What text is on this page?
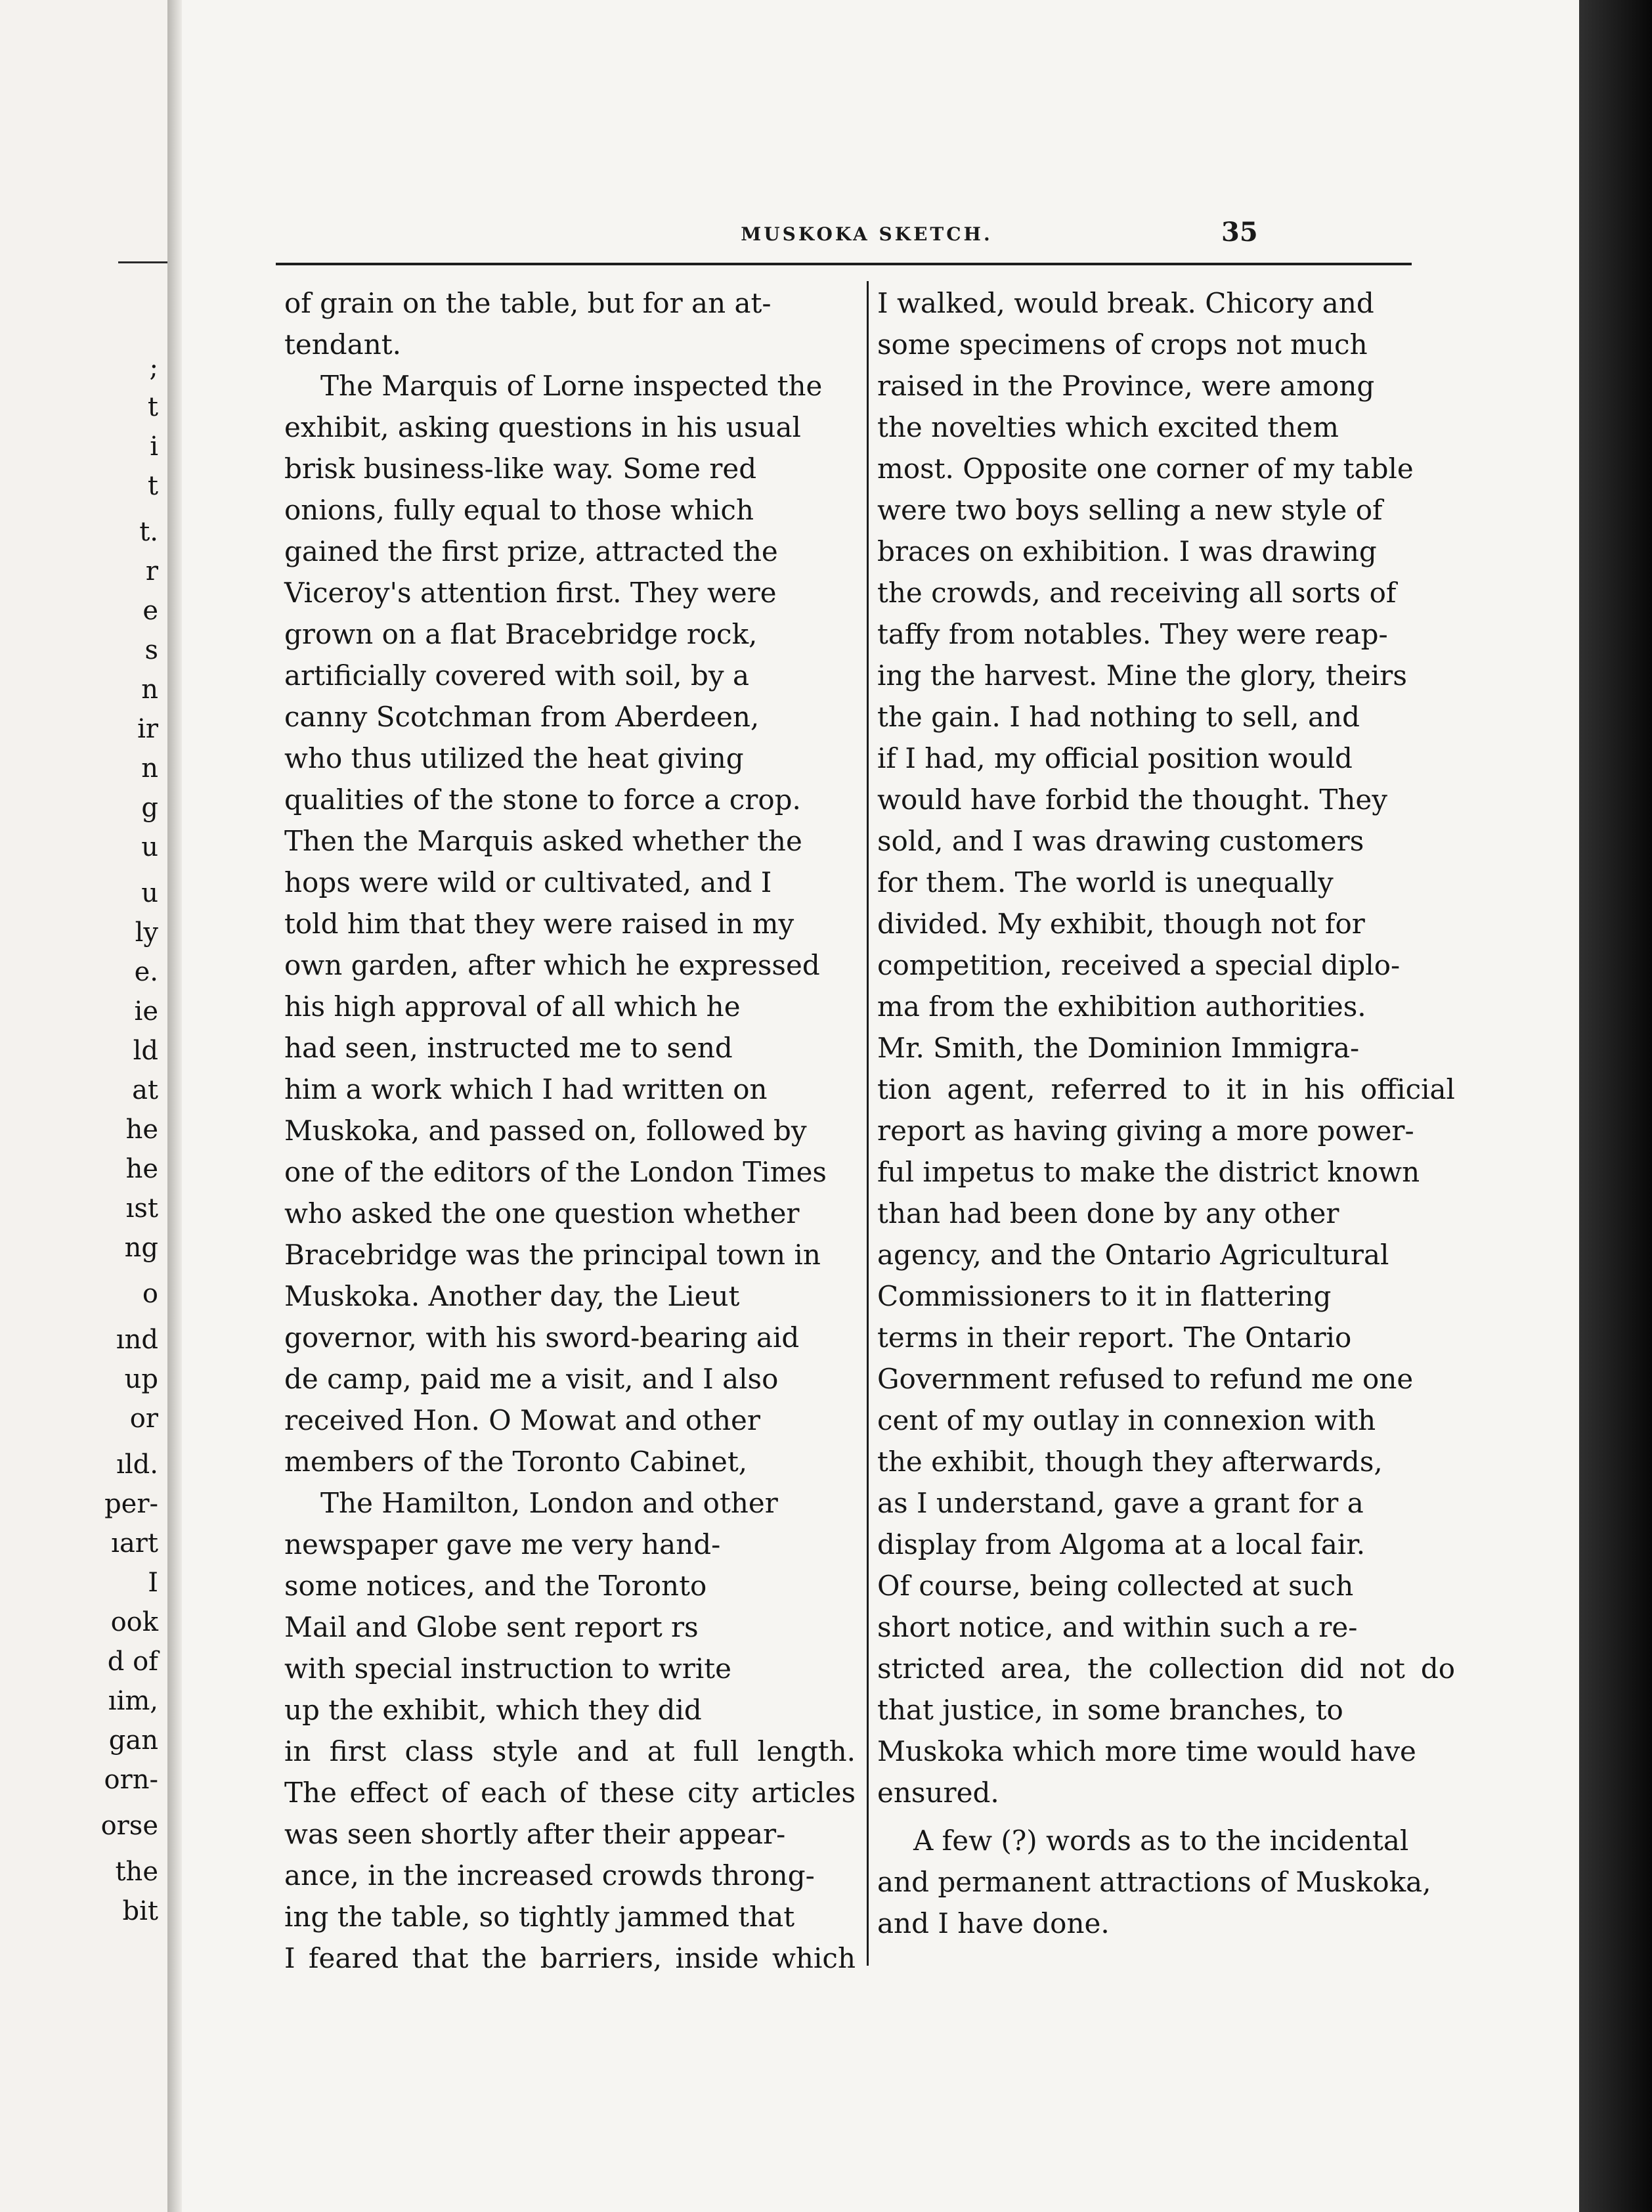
;

t

i

t

t.

r

e

s

n

ir

n

g

u

u

ly

e.

ie

ld

at

he

he

ıst

ng

o

ınd

up

or

ıld.

per-

ıart

I

ook

d of

ıim,

gan

orn-

orse

the

bit

MUSKOKA SKETCH.	35

of grain on the table, but for an at-
tendant.
The Marquis of Lorne inspected the
exhibit, asking questions in his usual
brisk business-like way. Some red
onions, fully equal to those which
gained the first prize, attracted the
Viceroy's attention first. They were
grown on a flat Bracebridge rock,
artificially covered with soil, by a
canny Scotchman from Aberdeen,
who thus utilized the heat giving
qualities of the stone to force a crop.
Then the Marquis asked whether the
hops were wild or cultivated, and I
told him that they were raised in my
own garden, after which he expressed
his high approval of all which he
had seen, instructed me to send
him a work which I had written on
Muskoka, and passed on, followed by
one of the editors of the London Times
who asked the one question whether
Bracebridge was the principal town in
Muskoka. Another day, the Lieut
governor, with his sword-bearing aid
de camp, paid me a visit, and I also
received Hon. O Mowat and other
members of the Toronto Cabinet,
The Hamilton, London and other
newspaper gave me very hand-
some notices, and the Toronto
Mail and Globe sent report rs
with special instruction to write
up the exhibit, which they did
in first class style and at full length.
The effect of each of these city articles
was seen shortly after their appear-
ance, in the increased crowds throng-
ing the table, so tightly jammed that
I feared that the barriers, inside which
I walked, would break. Chicory and
some specimens of crops not much
raised in the Province, were among
the novelties which excited them
most. Opposite one corner of my table
were two boys selling a new style of
braces on exhibition. I was drawing
the crowds, and receiving all sorts of
taffy from notables. They were reap-
ing the harvest. Mine the glory, theirs
the gain. I had nothing to sell, and
if I had, my official position would
would have forbid the thought. They
sold, and I was drawing customers
for them. The world is unequally
divided. My exhibit, though not for
competition, received a special diplo-
ma from the exhibition authorities.
Mr. Smith, the Dominion Immigra-
tion agent, referred to it in his official
report as having giving a more power-
ful impetus to make the district known
than had been done by any other
agency, and the Ontario Agricultural
Commissioners to it in flattering
terms in their report. The Ontario
Government refused to refund me one
cent of my outlay in connexion with
the exhibit, though they afterwards,
as I understand, gave a grant for a
display from Algoma at a local fair.
Of course, being collected at such
short notice, and within such a re-
stricted area, the collection did not do
that justice, in some branches, to
Muskoka which more time would have
ensured.
A few (?) words as to the incidental
and permanent attractions of Muskoka,
and I have done.
